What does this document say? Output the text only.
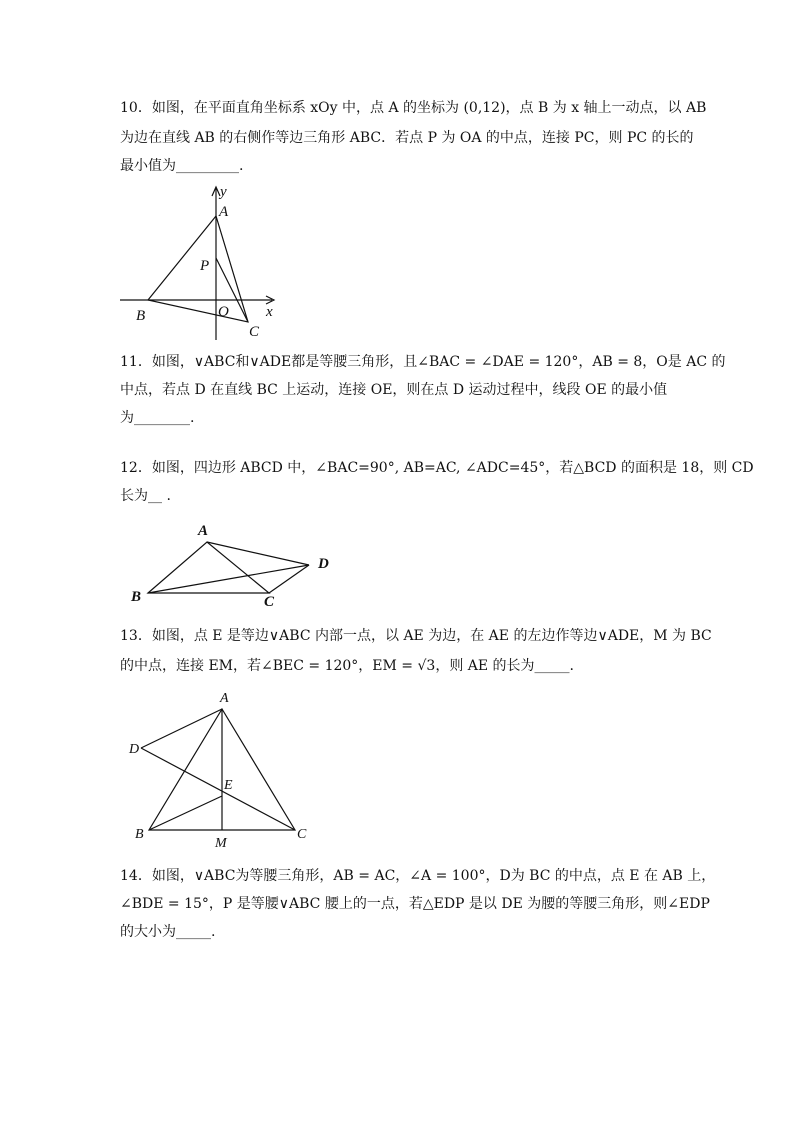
10．如图，在平面直角坐标系 xOy 中，点 A 的坐标为 (0,12)，点 B 为 x 轴上一动点，以 AB
为边在直线 AB 的右侧作等边三角形 ABC．若点 P 为 OA 的中点，连接 PC，则 PC 的长的
最小值为_________.
y
A
P
B	O
C
x
11．如图，∨ABC和∨ADE都是等腰三角形，且∠BAC = ∠DAE = 120°，AB = 8，O是 AC 的
中点，若点 D 在直线 BC 上运动，连接 OE，则在点 D 运动过程中，线段 OE 的最小值
为________.
12．如图，四边形 ABCD 中，∠BAC=90°, AB=AC, ∠ADC=45°，若△BCD 的面积是 18，则 CD
长为__ .
A
B	C
D
13．如图，点 E 是等边∨ABC 内部一点，以 AE 为边，在 AE 的左边作等边∨ADE，M 为 BC
的中点，连接 EM，若∠BEC = 120°，EM = √3，则 AE 的长为_____.
A
D
E
B
M
C
14．如图，∨ABC为等腰三角形，AB = AC，∠A = 100°，D为 BC 的中点，点 E 在 AB 上，
∠BDE = 15°，P 是等腰∨ABC 腰上的一点，若△EDP 是以 DE 为腰的等腰三角形，则∠EDP
的大小为_____.
